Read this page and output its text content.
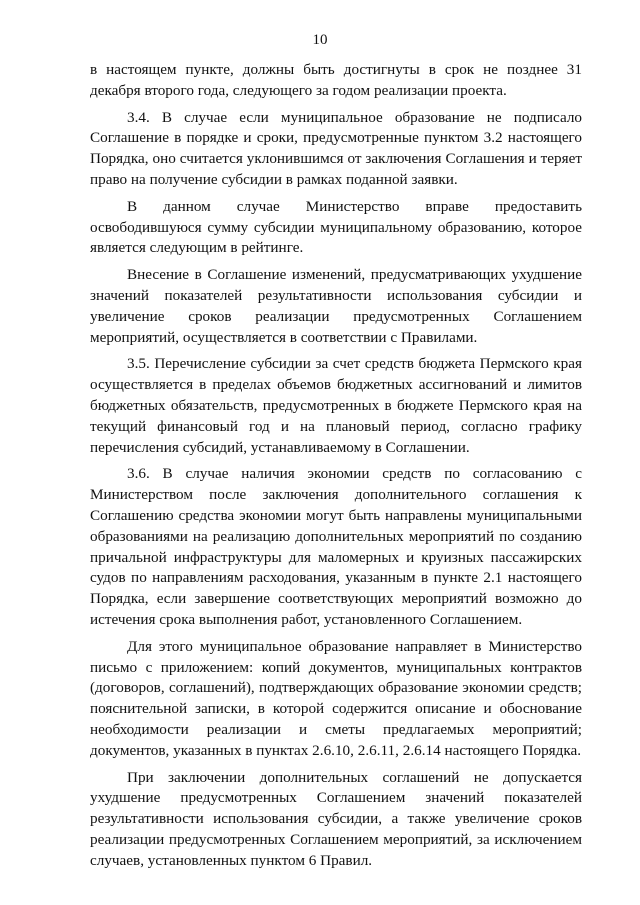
10

в настоящем пункте, должны быть достигнуты в срок не позднее 31 декабря второго года, следующего за годом реализации проекта.

3.4. В случае если муниципальное образование не подписало Соглашение в порядке и сроки, предусмотренные пунктом 3.2 настоящего Порядка, оно считается уклонившимся от заключения Соглашения и теряет право на получение субсидии в рамках поданной заявки.

В данном случае Министерство вправе предоставить освободившуюся сумму субсидии муниципальному образованию, которое является следующим в рейтинге.

Внесение в Соглашение изменений, предусматривающих ухудшение значений показателей результативности использования субсидии и увеличение сроков реализации предусмотренных Соглашением мероприятий, осуществляется в соответствии с Правилами.

3.5. Перечисление субсидии за счет средств бюджета Пермского края осуществляется в пределах объемов бюджетных ассигнований и лимитов бюджетных обязательств, предусмотренных в бюджете Пермского края на текущий финансовый год и на плановый период, согласно графику перечисления субсидий, устанавливаемому в Соглашении.

3.6. В случае наличия экономии средств по согласованию с Министерством после заключения дополнительного соглашения к Соглашению средства экономии могут быть направлены муниципальными образованиями на реализацию дополнительных мероприятий по созданию причальной инфраструктуры для маломерных и круизных пассажирских судов по направлениям расходования, указанным в пункте 2.1 настоящего Порядка, если завершение соответствующих мероприятий возможно до истечения срока выполнения работ, установленного Соглашением.

Для этого муниципальное образование направляет в Министерство письмо с приложением: копий документов, муниципальных контрактов (договоров, соглашений), подтверждающих образование экономии средств; пояснительной записки, в которой содержится описание и обоснование необходимости реализации и сметы предлагаемых мероприятий; документов, указанных в пунктах 2.6.10, 2.6.11, 2.6.14 настоящего Порядка.

При заключении дополнительных соглашений не допускается ухудшение предусмотренных Соглашением значений показателей результативности использования субсидии, а также увеличение сроков реализации предусмотренных Соглашением мероприятий, за исключением случаев, установленных пунктом 6 Правил.
